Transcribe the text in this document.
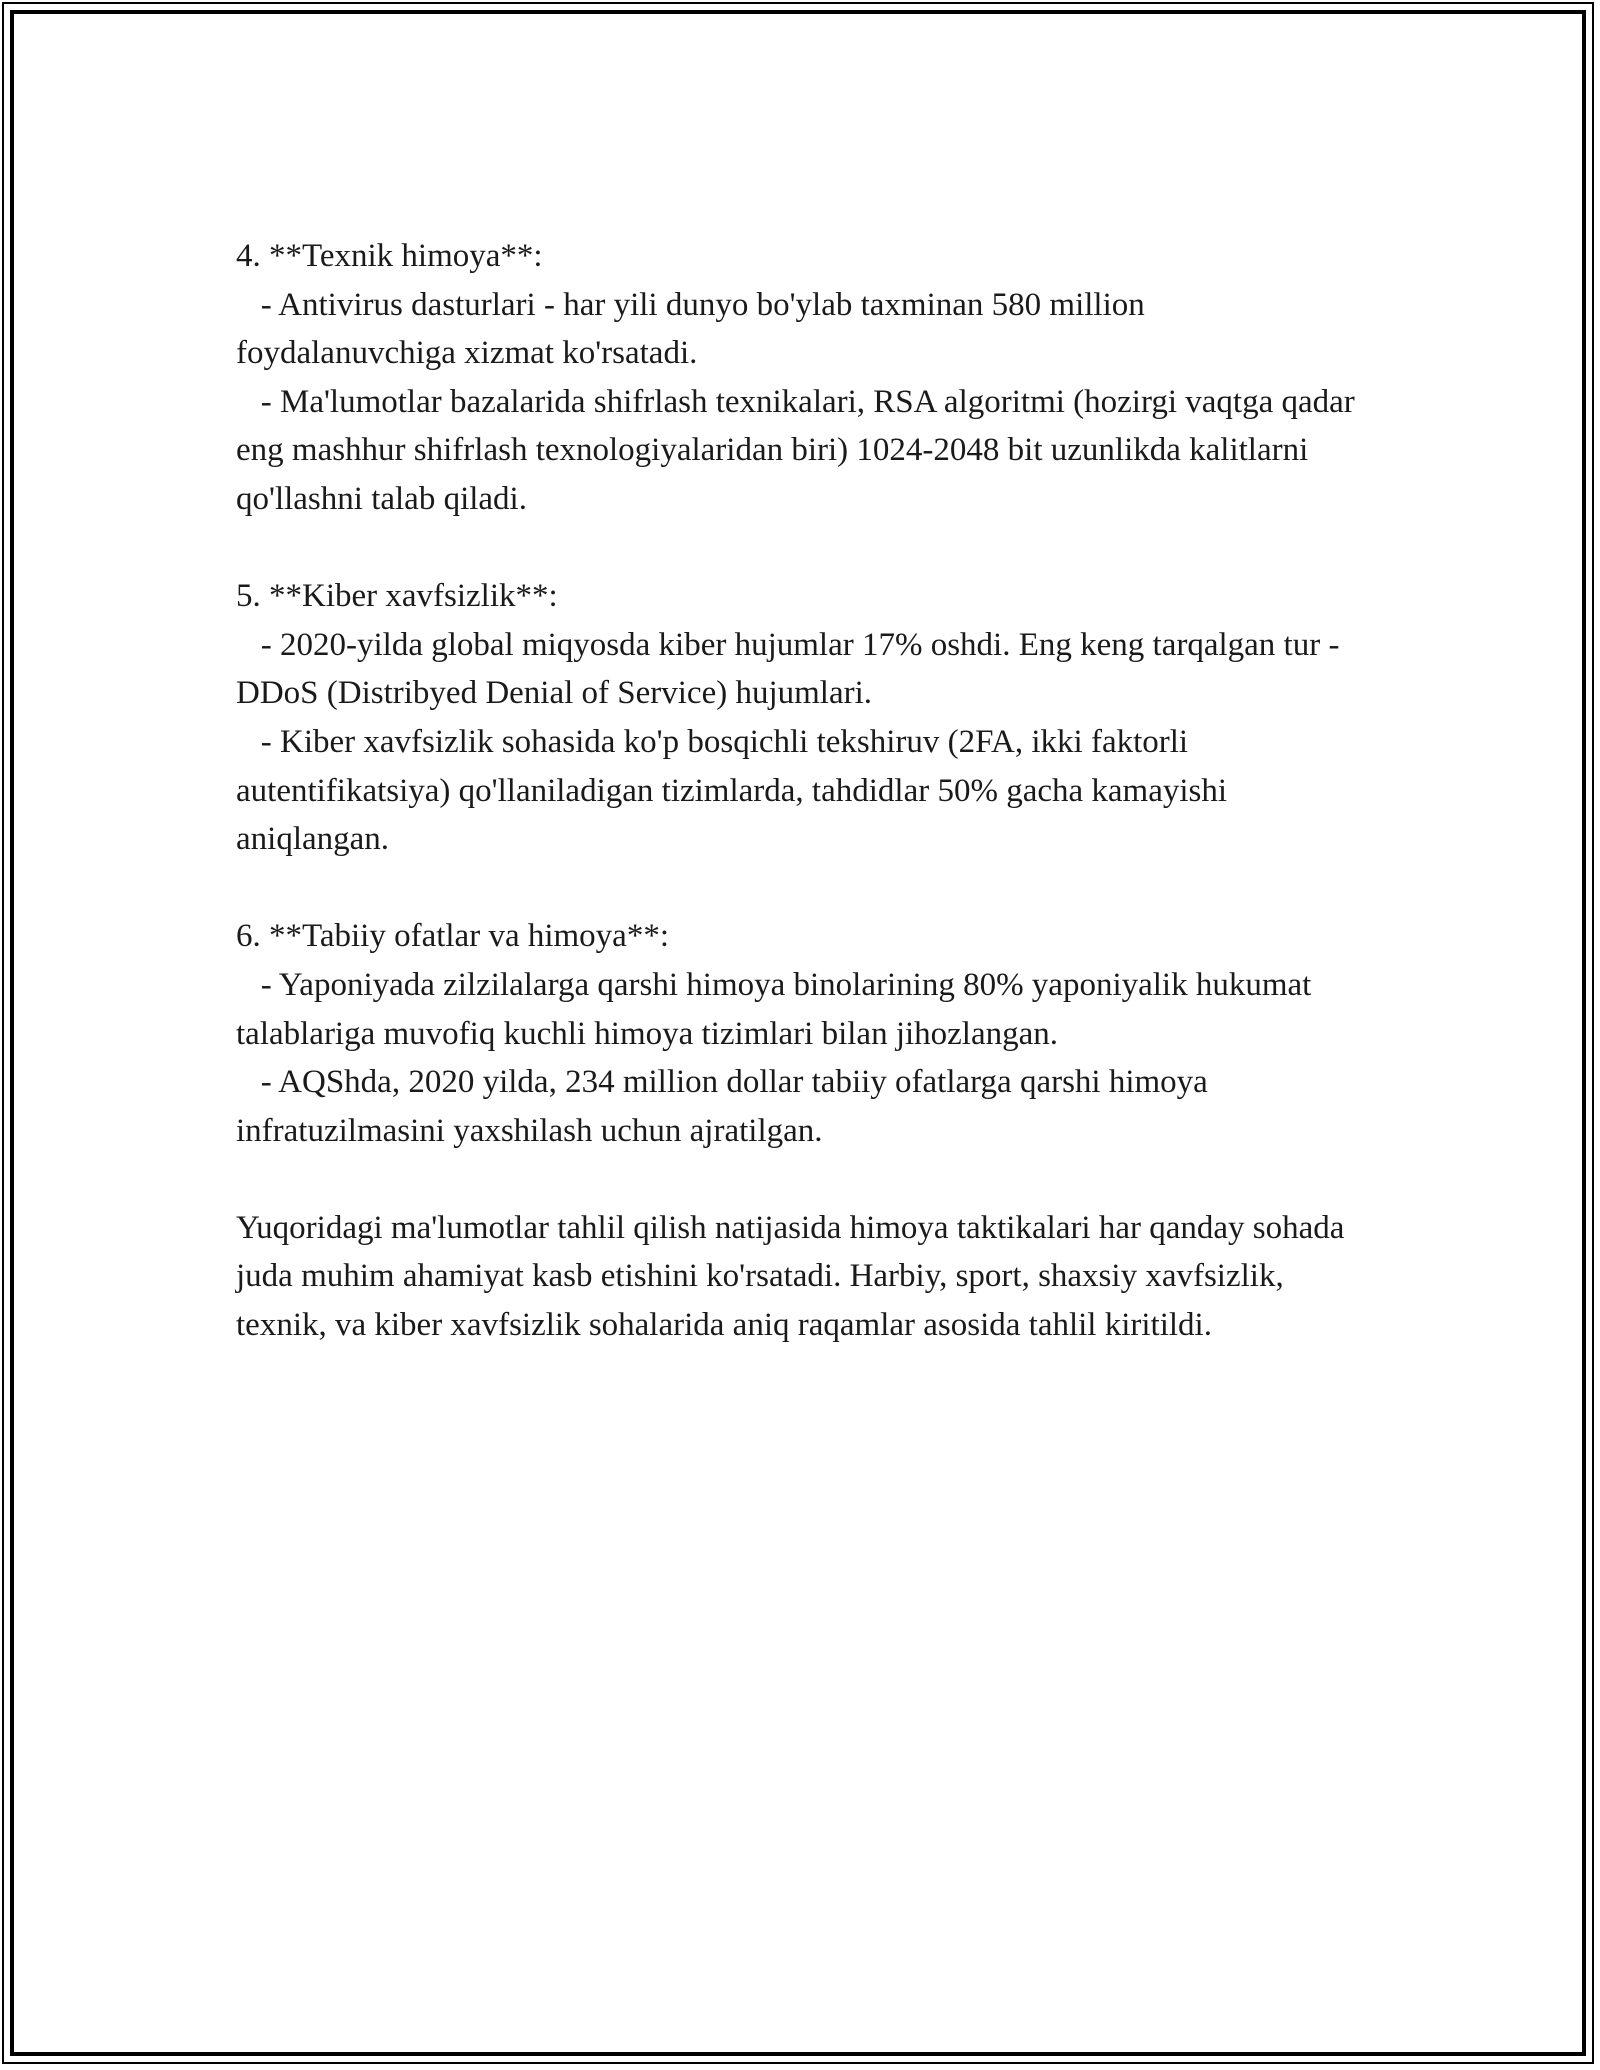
4. **Texnik himoya**:

- Antivirus dasturlari - har yili dunyo bo'ylab taxminan 580 million foydalanuvchiga xizmat ko'rsatadi.

- Ma'lumotlar bazalarida shifrlash texnikalari, RSA algoritmi (hozirgi vaqtga qadar eng mashhur shifrlash texnologiyalaridan biri) 1024-2048 bit uzunlikda kalitlarni qo'llashni talab qiladi.

5. **Kiber xavfsizlik**:

- 2020-yilda global miqyosda kiber hujumlar 17% oshdi. Eng keng tarqalgan tur - DDoS (Distribyed Denial of Service) hujumlari.

- Kiber xavfsizlik sohasida ko'p bosqichli tekshiruv (2FA, ikki faktorli autentifikatsiya) qo'llaniladigan tizimlarda, tahdidlar 50% gacha kamayishi aniqlangan.

6. **Tabiiy ofatlar va himoya**:

- Yaponiyada zilzilalarga qarshi himoya binolarining 80% yaponiyalik hukumat talablariga muvofiq kuchli himoya tizimlari bilan jihozlangan.

- AQShda, 2020 yilda, 234 million dollar tabiiy ofatlarga qarshi himoya infratuzilmasini yaxshilash uchun ajratilgan.

Yuqoridagi ma'lumotlar tahlil qilish natijasida himoya taktikalari har qanday sohada juda muhim ahamiyat kasb etishini ko'rsatadi. Harbiy, sport, shaxsiy xavfsizlik, texnik, va kiber xavfsizlik sohalarida aniq raqamlar asosida tahlil kiritildi.
